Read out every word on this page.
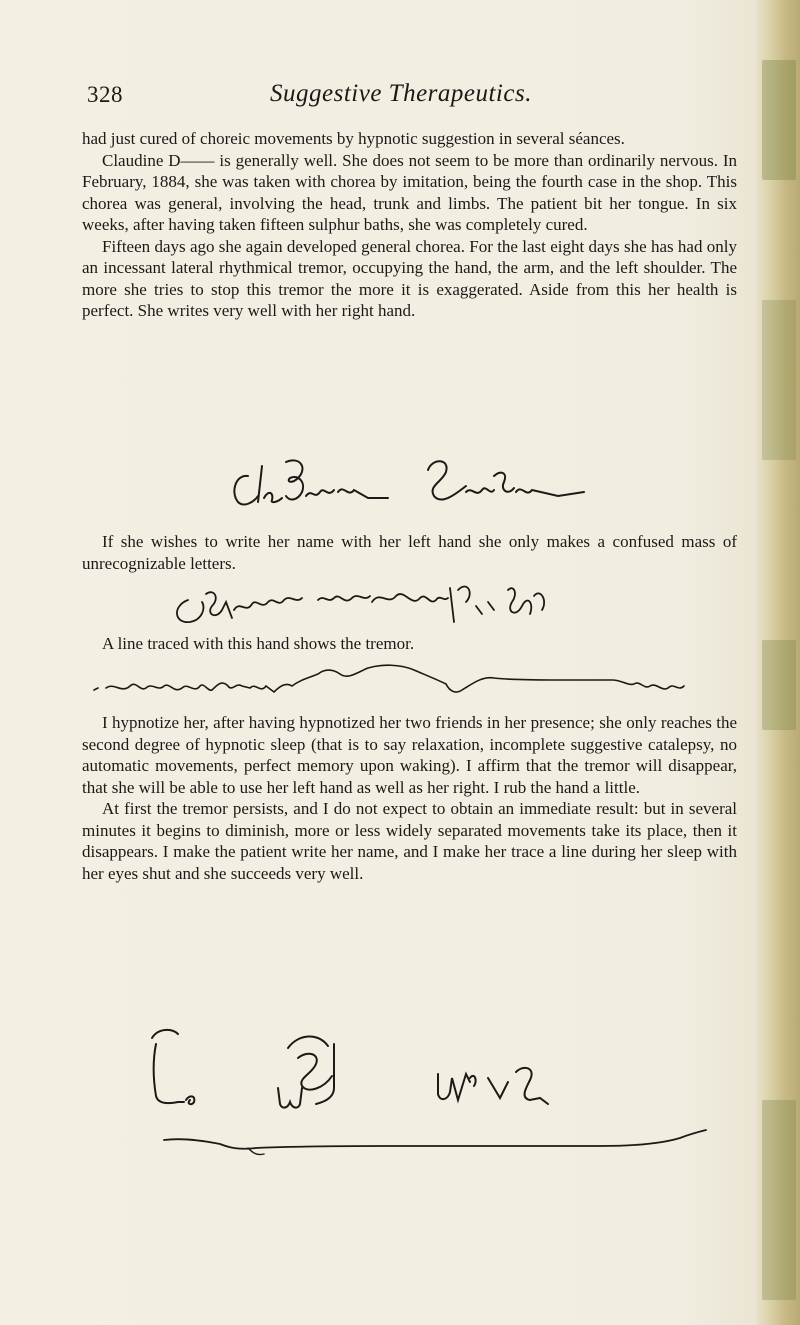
328	Suggestive Therapeutics.

had just cured of choreic movements by hypnotic suggestion in several séances.

Claudine D—— is generally well. She does not seem to be more than ordinarily nervous. In February, 1884, she was taken with chorea by imitation, being the fourth case in the shop. This chorea was general, involving the head, trunk and limbs. The patient bit her tongue. In six weeks, after having taken fifteen sulphur baths, she was completely cured.

Fifteen days ago she again developed general chorea. For the last eight days she has had only an incessant lateral rhythmical tremor, occupying the hand, the arm, and the left shoulder. The more she tries to stop this tremor the more it is exaggerated. Aside from this her health is perfect. She writes very well with her right hand.

If she wishes to write her name with her left hand she only makes a confused mass of unrecognizable letters.

A line traced with this hand shows the tremor.

I hypnotize her, after having hypnotized her two friends in her presence; she only reaches the second degree of hypnotic sleep (that is to say relaxation, incomplete suggestive catalepsy, no automatic movements, perfect memory upon waking). I affirm that the tremor will disappear, that she will be able to use her left hand as well as her right. I rub the hand a little.

At first the tremor persists, and I do not expect to obtain an immediate result: but in several minutes it begins to diminish, more or less widely separated movements take its place, then it disappears. I make the patient write her name, and I make her trace a line during her sleep with her eyes shut and she succeeds very well.
